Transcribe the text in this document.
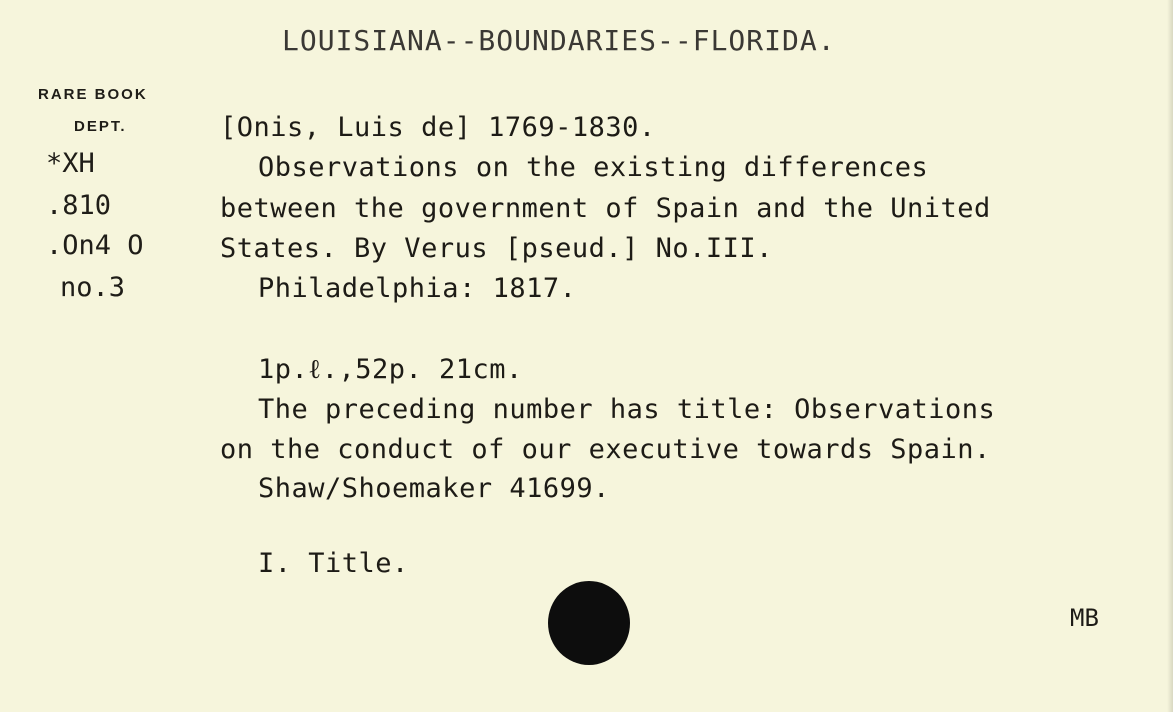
LOUISIANA--BOUNDARIES--FLORIDA.
RARE BOOK
DEPT.
*XH
.810
.On4 O
no.3
[Onis, Luis de] 1769-1830.
Observations on the existing differences
between the government of Spain and the United
States. By Verus [pseud.] No.III.
Philadelphia: 1817.
1p.ℓ.,52p. 21cm.
The preceding number has title: Observations
on the conduct of our executive towards Spain.
Shaw/Shoemaker 41699.
I. Title.
MB
